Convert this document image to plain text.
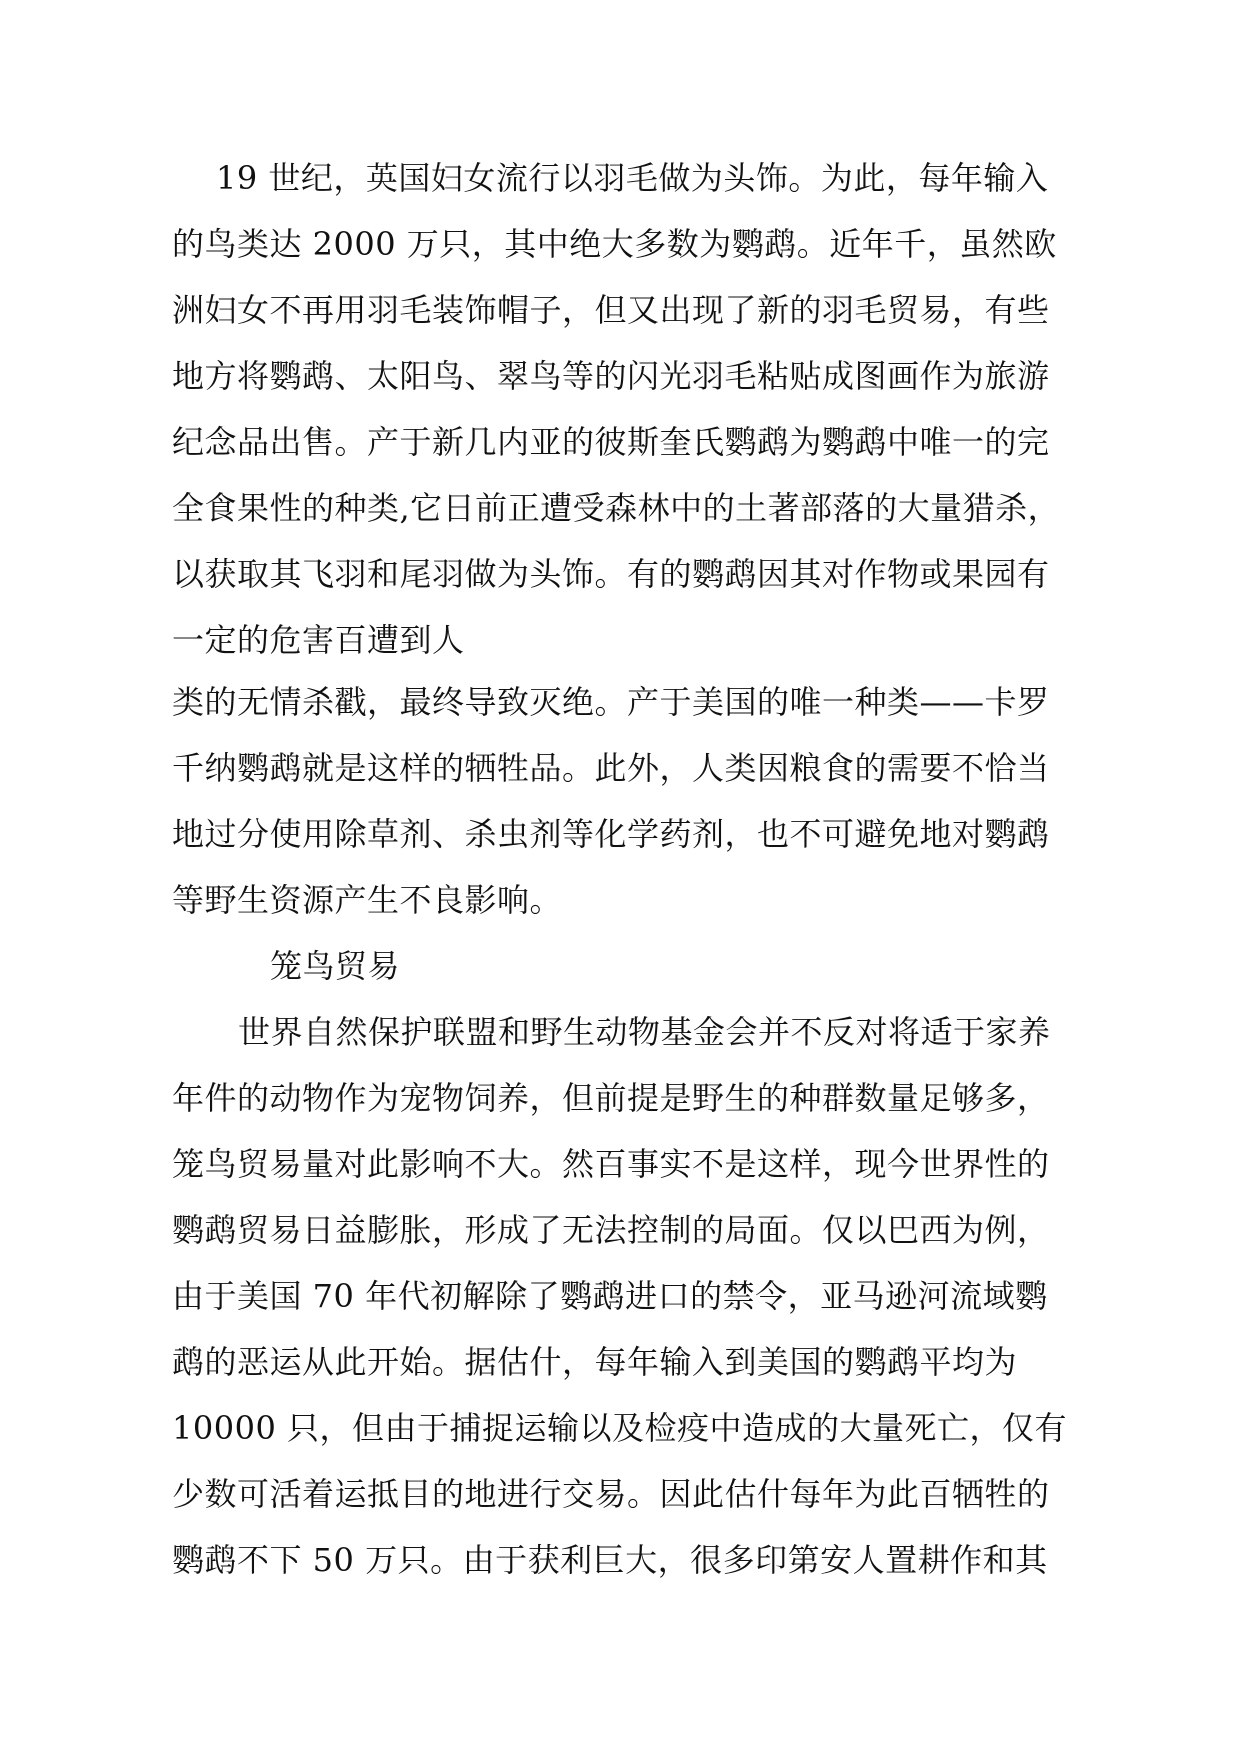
19 世纪，英国妇女流行以羽毛做为头饰。为此，每年输入
的鸟类达 2000 万只，其中绝大多数为鹦鹉。近年千，虽然欧
洲妇女不再用羽毛装饰帽子，但又出现了新的羽毛贸易，有些
地方将鹦鹉、太阳鸟、翠鸟等的闪光羽毛粘贴成图画作为旅游
纪念品出售。产于新几内亚的彼斯奎氏鹦鹉为鹦鹉中唯一的完
全食果性的种类,它日前正遭受森林中的土著部落的大量猎杀，
以获取其飞羽和尾羽做为头饰。有的鹦鹉因其对作物或果园有
一定的危害百遭到人
类的无情杀戳，最终导致灭绝。产于美国的唯一种类——卡罗
千纳鹦鹉就是这样的牺牲品。此外，人类因粮食的需要不恰当
地过分使用除草剂、杀虫剂等化学药剂，也不可避免地对鹦鹉
等野生资源产生不良影响。
笼鸟贸易
世界自然保护联盟和野生动物基金会并不反对将适于家养
年件的动物作为宠物饲养，但前提是野生的种群数量足够多，
笼鸟贸易量对此影响不大。然百事实不是这样，现今世界性的
鹦鹉贸易日益膨胀，形成了无法控制的局面。仅以巴西为例，
由于美国 70 年代初解除了鹦鹉进口的禁令，亚马逊河流域鹦
鹉的恶运从此开始。据估什，每年输入到美国的鹦鹉平均为
10000 只，但由于捕捉运输以及检疫中造成的大量死亡，仅有
少数可活着运抵目的地进行交易。因此估什每年为此百牺牲的
鹦鹉不下 50 万只。由于获利巨大，很多印第安人置耕作和其
